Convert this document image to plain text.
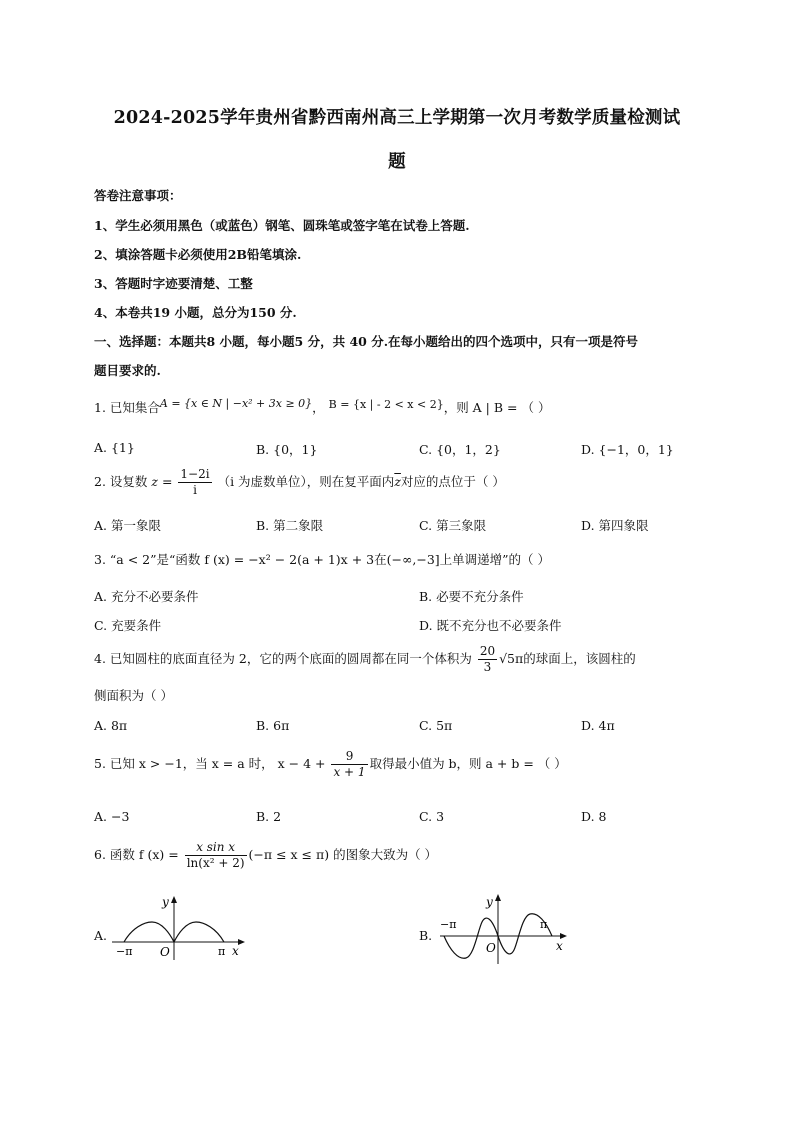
2024-2025学年贵州省黔西南州高三上学期第一次月考数学质量检测试
题
答卷注意事项：
1、学生必须用黑色（或蓝色）钢笔、圆珠笔或签字笔在试卷上答题.
2、填涂答题卡必须使用2B铅笔填涂.
3、答题时字迹要清楚、工整
4、本卷共19 小题，总分为150 分.
一、选择题：本题共8 小题，每小题5 分，共 40 分.在每小题给出的四个选项中，只有一项是符号
题目要求的.
1. 已知集合A = {x ∈ N | −x² + 3x ≥ 0}， B = {x | - 2 < x < 2}，则 A | B = （ ）
A. {1}	B. {0，1}	C. {0，1，2}	D. {−1，0，1}
2. 设复数 $z = \frac{1-2i}{i} (i$ 为虚数单位），则在复平面内$\overline{z}$对应的点位于（ ）
A. 第一象限	B. 第二象限	C. 第三象限	D. 第四象限
3. “a < 2”是“函数 f (x) = −x² − 2(a + 1)x + 3在(−∞,−3]上单调递增”的（ ）
A. 充分不必要条件	B. 必要不充分条件
C. 充要条件	D. 既不充分也不必要条件
4. 已知圆柱的底面直径为 2，它的两个底面的圆周都在同一个体积为 $\frac{20}{3} √5\pi$的球面上，该圆柱的
侧面积为（ ）
A. 8π	B. 6π	C. 5π	D. 4π
5. 已知 x > −1，当 x = a 时， $x - 4 + \frac{9}{x + 1}$ 取得最小值为 b，则 a + b = （ ）
A. −3	B. 2	C. 3	D. 8
6. 函数 f $(x) = \frac{\text{x sin x}}{\text{ln(x² + 2)}} (-\pi \le x \le \pi)$ 的图象大致为（ ）
A.
y
O
−π	π x
B.
y
O
−π	π
x
